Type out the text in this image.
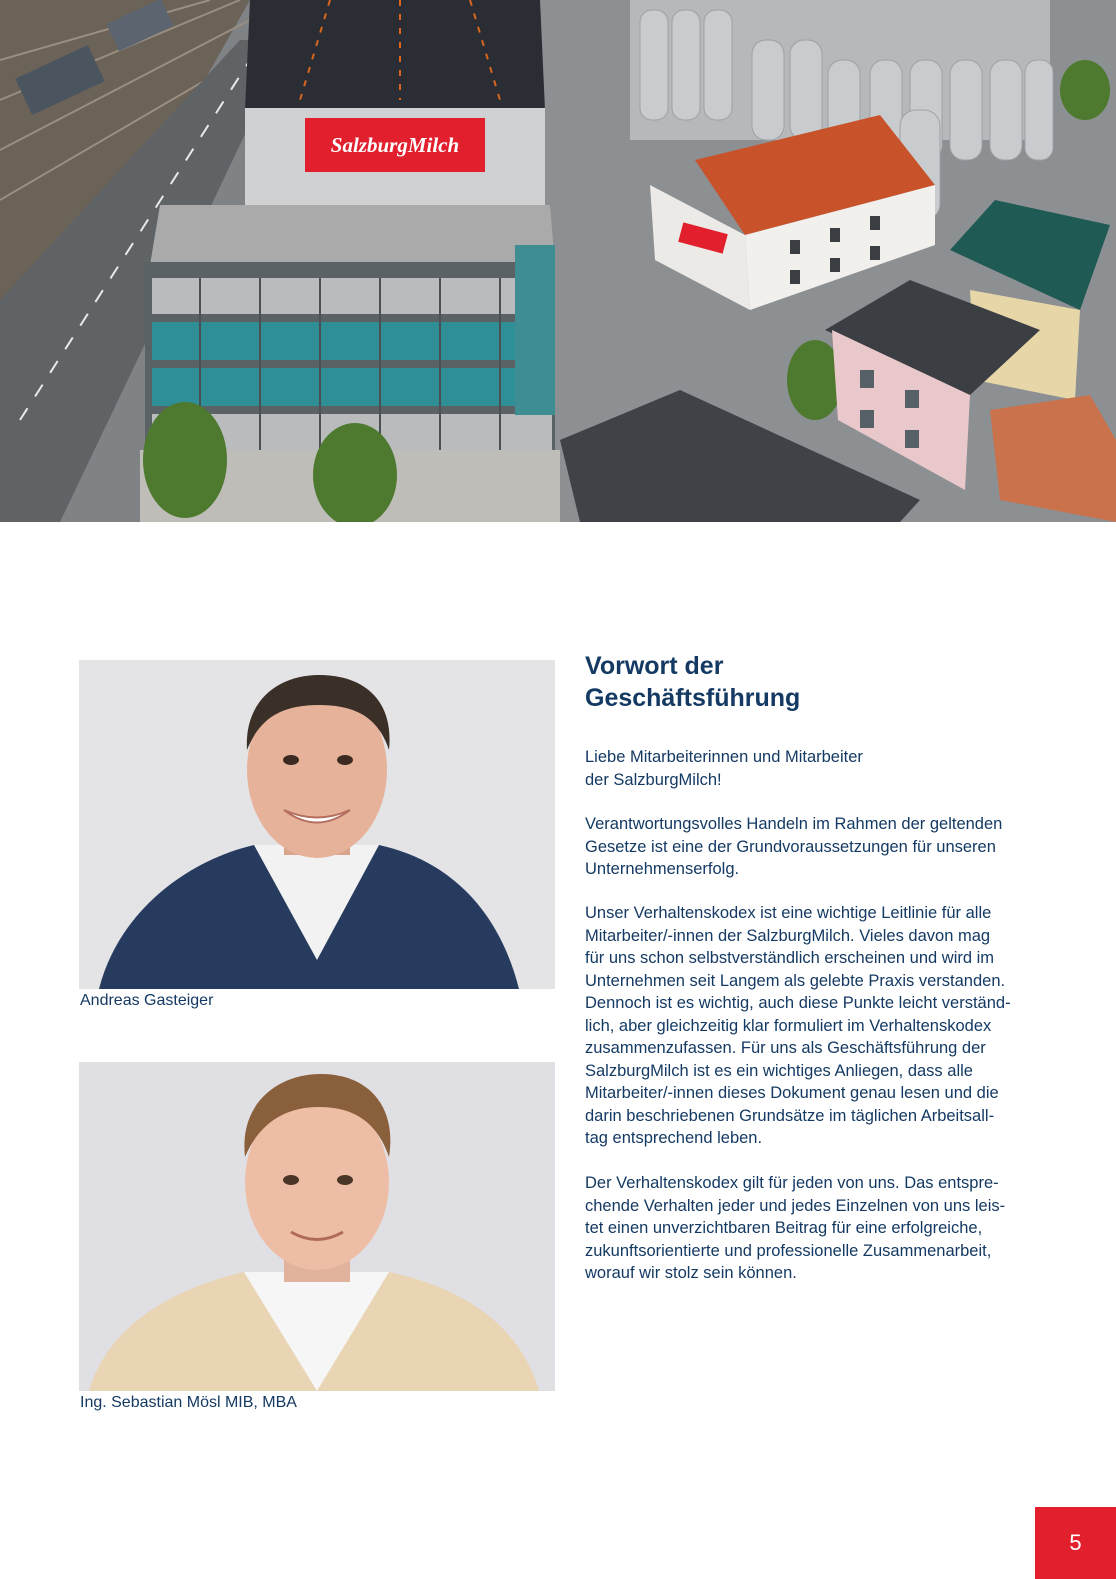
SalzburgMilch
Andreas Gasteiger
Ing. Sebastian Mösl MIB, MBA
Vorwort der
Geschäftsführung

Liebe Mitarbeiterinnen und Mitarbeiter
der SalzburgMilch!

Verantwortungsvolles Handeln im Rahmen der geltenden
Gesetze ist eine der Grundvoraussetzungen für unseren
Unternehmenserfolg.

Unser Verhaltenskodex ist eine wichtige Leitlinie für alle
Mitarbeiter/-innen der SalzburgMilch. Vieles davon mag
für uns schon selbstverständlich erscheinen und wird im
Unternehmen seit Langem als gelebte Praxis verstanden.
Dennoch ist es wichtig, auch diese Punkte leicht verständ-
lich, aber gleichzeitig klar formuliert im Verhaltenskodex
zusammenzufassen. Für uns als Geschäftsführung der
SalzburgMilch ist es ein wichtiges Anliegen, dass alle
Mitarbeiter/-innen dieses Dokument genau lesen und die
darin beschriebenen Grundsätze im täglichen Arbeitsall-
tag entsprechend leben.

Der Verhaltenskodex gilt für jeden von uns. Das entspre-
chende Verhalten jeder und jedes Einzelnen von uns leis-
tet einen unverzichtbaren Beitrag für eine erfolgreiche,
zukunftsorientierte und professionelle Zusammenarbeit,
worauf wir stolz sein können.

5
